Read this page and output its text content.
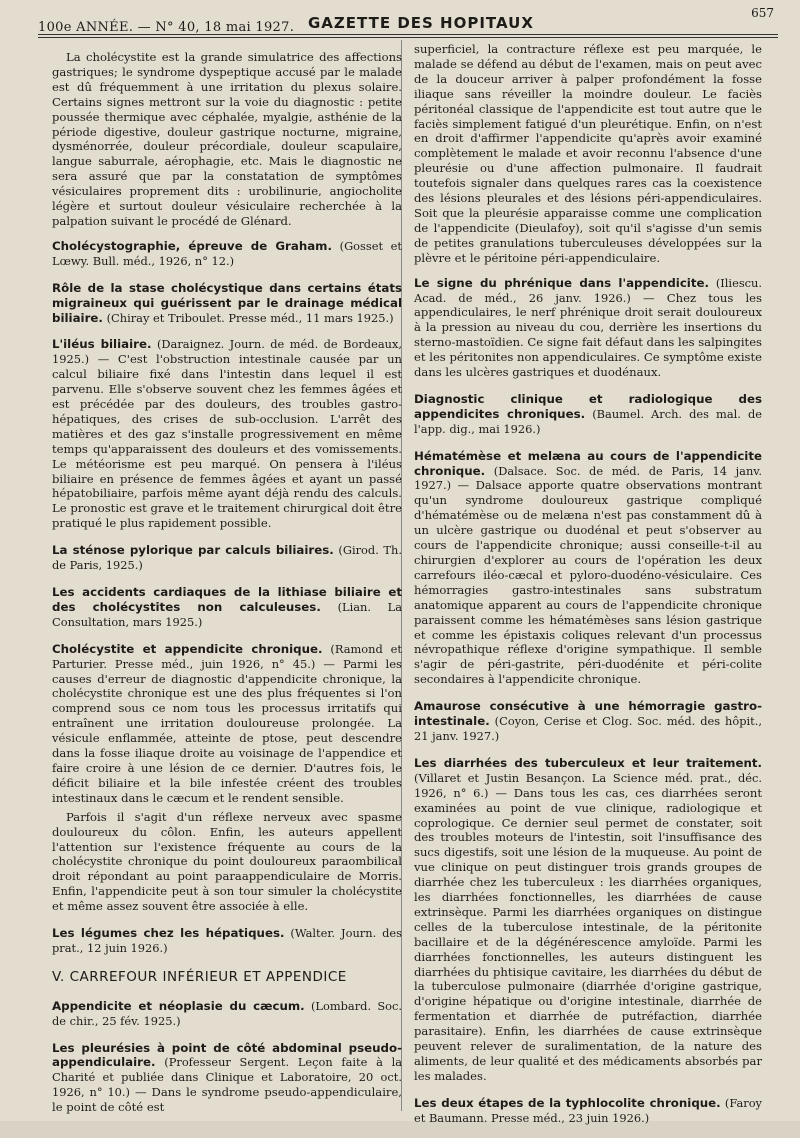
100e ANNÉE. — N° 40, 18 mai 1927. GAZETTE DES HOPITAUX
657

La cholécystite est la grande simulatrice des affections gastriques; le syndrome dyspeptique accusé par le malade est dû fréquemment à une irritation du plexus solaire. Certains signes mettront sur la voie du diagnostic : petite poussée thermique avec céphalée, myalgie, asthénie de la période digestive, douleur gastrique nocturne, migraine, dysménorrée, douleur précordiale, douleur scapulaire, langue saburrale, aérophagie, etc. Mais le diagnostic ne sera assuré que par la constatation de symptômes vésiculaires proprement dits : urobilinurie, angiocholite légère et surtout douleur vésiculaire recherchée à la palpation suivant le procédé de Glénard.

Cholécystographie, épreuve de Graham. (Gosset et Lœwy. Bull. méd., 1926, n° 12.)
Rôle de la stase cholécystique dans certains états migraineux qui guérissent par le drainage médical biliaire. (Chiray et Triboulet. Presse méd., 11 mars 1925.)
L'iléus biliaire. (Daraignez. Journ. de méd. de Bordeaux, 1925.) — C'est l'obstruction intestinale causée par un calcul biliaire fixé dans l'intestin dans lequel il est parvenu. Elle s'observe souvent chez les femmes âgées et est précédée par des douleurs, des troubles gastro-hépatiques, des crises de sub-occlusion. L'arrêt des matières et des gaz s'installe progressivement en même temps qu'apparaissent des douleurs et des vomissements. Le météorisme est peu marqué. On pensera à l'iléus biliaire en présence de femmes âgées et ayant un passé hépatobiliaire, parfois même ayant déjà rendu des calculs. Le pronostic est grave et le traitement chirurgical doit être pratiqué le plus rapidement possible.
La sténose pylorique par calculs biliaires. (Girod. Th. de Paris, 1925.)
Les accidents cardiaques de la lithiase biliaire et des cholécystites non calculeuses. (Lian. La Consultation, mars 1925.)
Cholécystite et appendicite chronique. (Ramond et Parturier. Presse méd., juin 1926, n° 45.) — Parmi les causes d'erreur de diagnostic d'appendicite chronique, la cholécystite chronique est une des plus fréquentes si l'on comprend sous ce nom tous les processus irritatifs qui entraînent une irritation douloureuse prolongée. La vésicule enflammée, atteinte de ptose, peut descendre dans la fosse iliaque droite au voisinage de l'appendice et faire croire à une lésion de ce dernier. D'autres fois, le déficit biliaire et la bile infestée créent des troubles intestinaux dans le cæcum et le rendent sensible.

Parfois il s'agit d'un réflexe nerveux avec spasme douloureux du côlon. Enfin, les auteurs appellent l'attention sur l'existence fréquente au cours de la cholécystite chronique du point douloureux paraombilical droit répondant au point paraappendiculaire de Morris. Enfin, l'appendicite peut à son tour simuler la cholécystite et même assez souvent être associée à elle.

Les légumes chez les hépatiques. (Walter. Journ. des prat., 12 juin 1926.)
V. CARREFOUR INFÉRIEUR ET APPENDICE
Appendicite et néoplasie du cæcum. (Lombard. Soc. de chir., 25 fév. 1925.)
Les pleurésies à point de côté abdominal pseudo-appendiculaire. (Professeur Sergent. Leçon faite à la Charité et publiée dans Clinique et Laboratoire, 20 oct. 1926, n° 10.) — Dans le syndrome pseudo-appendiculaire, le point de côté est

superficiel, la contracture réflexe est peu marquée, le malade se défend au début de l'examen, mais on peut avec de la douceur arriver à palper profondément la fosse iliaque sans réveiller la moindre douleur. Le faciès péritonéal classique de l'appendicite est tout autre que le faciès simplement fatigué d'un pleurétique. Enfin, on n'est en droit d'affirmer l'appendicite qu'après avoir examiné complètement le malade et avoir reconnu l'absence d'une pleurésie ou d'une affection pulmonaire. Il faudrait toutefois signaler dans quelques rares cas la coexistence des lésions pleurales et des lésions péri-appendiculaires. Soit que la pleurésie apparaisse comme une complication de l'appendicite (Dieulafoy), soit qu'il s'agisse d'un semis de petites granulations tuberculeuses développées sur la plèvre et le péritoine péri-appendiculaire.

Le signe du phrénique dans l'appendicite. (Iliescu. Acad. de méd., 26 janv. 1926.) — Chez tous les appendiculaires, le nerf phrénique droit serait douloureux à la pression au niveau du cou, derrière les insertions du sterno-mastoïdien. Ce signe fait défaut dans les salpingites et les péritonites non appendiculaires. Ce symptôme existe dans les ulcères gastriques et duodénaux.
Diagnostic clinique et radiologique des appendicites chroniques. (Baumel. Arch. des mal. de l'app. dig., mai 1926.)
Hématémèse et melæna au cours de l'appendicite chronique. (Dalsace. Soc. de méd. de Paris, 14 janv. 1927.) — Dalsace apporte quatre observations montrant qu'un syndrome douloureux gastrique compliqué d'hématémèse ou de melæna n'est pas constamment dû à un ulcère gastrique ou duodénal et peut s'observer au cours de l'appendicite chronique; aussi conseille-t-il au chirurgien d'explorer au cours de l'opération les deux carrefours iléo-cæcal et pyloro-duodéno-vésiculaire. Ces hémorragies gastro-intestinales sans substratum anatomique apparent au cours de l'appendicite chronique paraissent comme les hématémèses sans lésion gastrique et comme les épistaxis coliques relevant d'un processus névropathique réflexe d'origine sympathique. Il semble s'agir de péri-gastrite, péri-duodénite et péri-colite secondaires à l'appendicite chronique.
Amaurose consécutive à une hémorragie gastro-intestinale. (Coyon, Cerise et Clog. Soc. méd. des hôpit., 21 janv. 1927.)
Les diarrhées des tuberculeux et leur traitement. (Villaret et Justin Besançon. La Science méd. prat., déc. 1926, n° 6.) — Dans tous les cas, ces diarrhées seront examinées au point de vue clinique, radiologique et coprologique. Ce dernier seul permet de constater, soit des troubles moteurs de l'intestin, soit l'insuffisance des sucs digestifs, soit une lésion de la muqueuse. Au point de vue clinique on peut distinguer trois grands groupes de diarrhée chez les tuberculeux : les diarrhées organiques, les diarrhées fonctionnelles, les diarrhées de cause extrinsèque. Parmi les diarrhées organiques on distingue celles de la tuberculose intestinale, de la péritonite bacillaire et de la dégénérescence amyloïde. Parmi les diarrhées fonctionnelles, les auteurs distinguent les diarrhées du phtisique cavitaire, les diarrhées du début de la tuberculose pulmonaire (diarrhée d'origine gastrique, d'origine hépatique ou d'origine intestinale, diarrhée de fermentation et diarrhée de putréfaction, diarrhée parasitaire). Enfin, les diarrhées de cause extrinsèque peuvent relever de suralimentation, de la nature des aliments, de leur qualité et des médicaments absorbés par les malades.
Les deux étapes de la typhlocolite chronique. (Faroy et Baumann. Presse méd., 23 juin 1926.)
